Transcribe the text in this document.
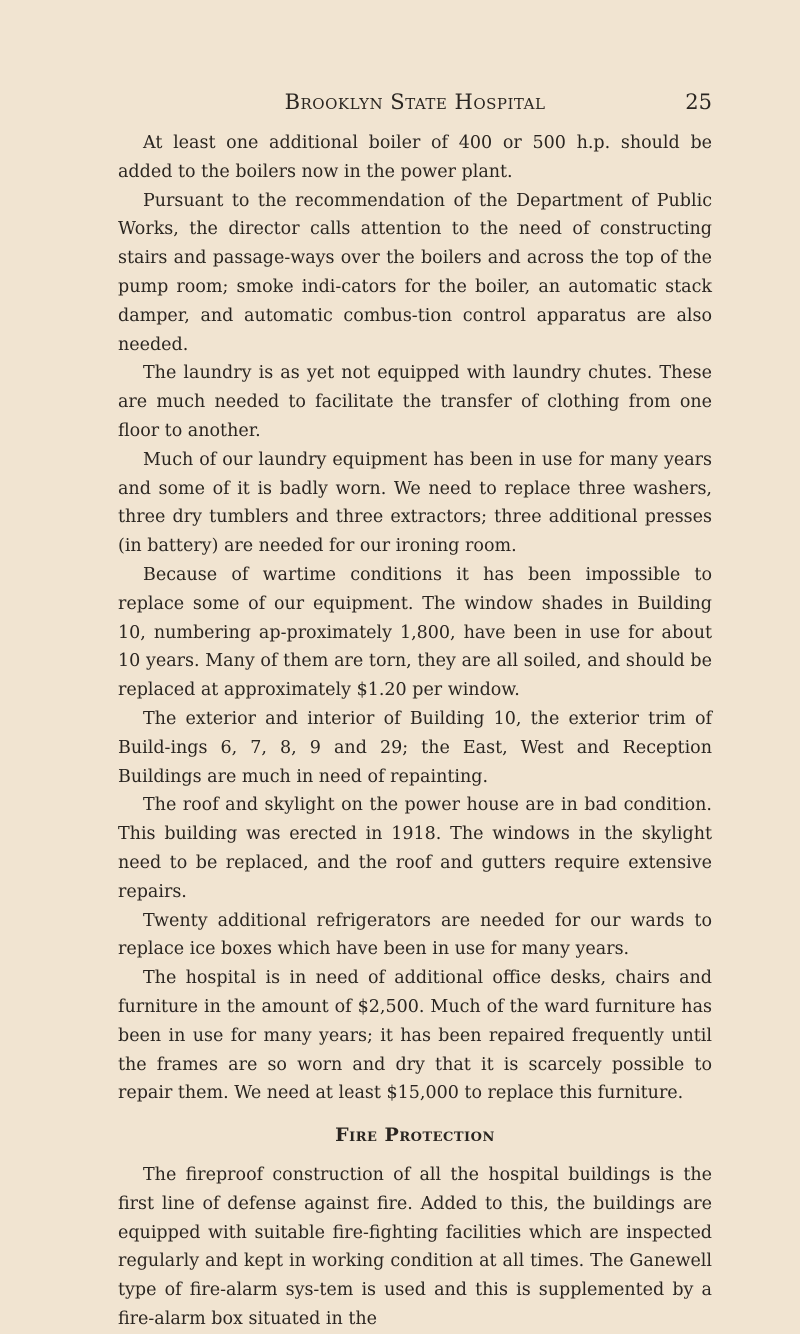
Brooklyn State Hospital	25

At least one additional boiler of 400 or 500 h.p. should be added to the boilers now in the power plant.

Pursuant to the recommendation of the Department of Public Works, the director calls attention to the need of constructing stairs and passage-ways over the boilers and across the top of the pump room; smoke indi-cators for the boiler, an automatic stack damper, and automatic combus-tion control apparatus are also needed.

The laundry is as yet not equipped with laundry chutes. These are much needed to facilitate the transfer of clothing from one floor to another.

Much of our laundry equipment has been in use for many years and some of it is badly worn. We need to replace three washers, three dry tumblers and three extractors; three additional presses (in battery) are needed for our ironing room.

Because of wartime conditions it has been impossible to replace some of our equipment. The window shades in Building 10, numbering ap-proximately 1,800, have been in use for about 10 years. Many of them are torn, they are all soiled, and should be replaced at approximately $1.20 per window.

The exterior and interior of Building 10, the exterior trim of Build-ings 6, 7, 8, 9 and 29; the East, West and Reception Buildings are much in need of repainting.

The roof and skylight on the power house are in bad condition. This building was erected in 1918. The windows in the skylight need to be replaced, and the roof and gutters require extensive repairs.

Twenty additional refrigerators are needed for our wards to replace ice boxes which have been in use for many years.

The hospital is in need of additional office desks, chairs and furniture in the amount of $2,500. Much of the ward furniture has been in use for many years; it has been repaired frequently until the frames are so worn and dry that it is scarcely possible to repair them. We need at least $15,000 to replace this furniture.

Fire Protection

The fireproof construction of all the hospital buildings is the first line of defense against fire. Added to this, the buildings are equipped with suitable fire-fighting facilities which are inspected regularly and kept in working condition at all times. The Ganewell type of fire-alarm sys-tem is used and this is supplemented by a fire-alarm box situated in the
